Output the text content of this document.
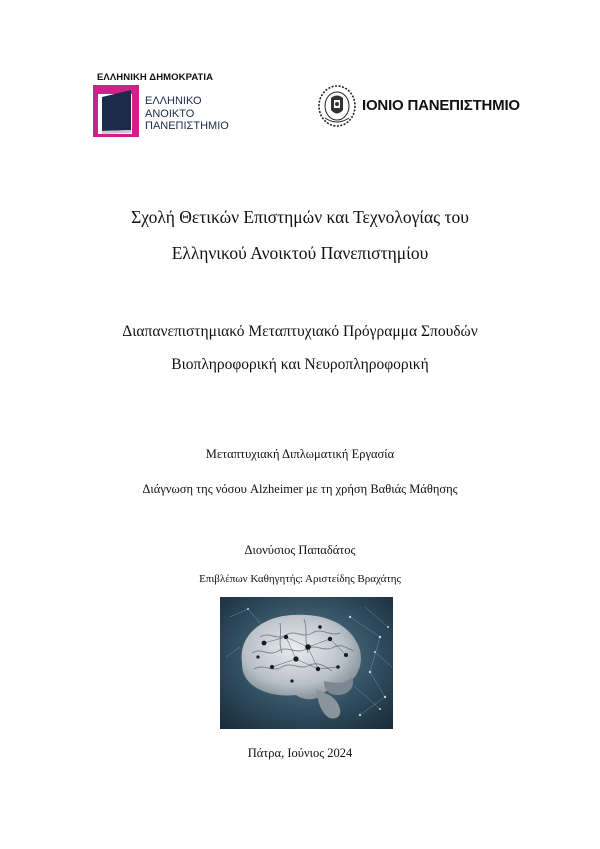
ΕΛΛΗΝΙΚΗ ΔΗΜΟΚΡΑΤΙΑ
ΕΛΛΗΝΙΚΟ
ΑΝΟΙΚΤΟ
ΠΑΝΕΠΙΣΤΗΜΙΟ
ΙΟΝΙΟ ΠΑΝΕΠΙΣΤΗΜΙΟ
Σχολή Θετικών Επιστημών και Τεχνολογίας του
Ελληνικού Ανοικτού Πανεπιστημίου
Διαπανεπιστημιακό Μεταπτυχιακό Πρόγραμμα Σπουδών
Βιοπληροφορική και Νευροπληροφορική
Μεταπτυχιακή Διπλωματική Εργασία
Διάγνωση της νόσου Alzheimer με τη χρήση Βαθιάς Μάθησης
Διονύσιος Παπαδάτος
Επιβλέπων Καθηγητής: Αριστείδης Βραχάτης
Πάτρα, Ιούνιος 2024
